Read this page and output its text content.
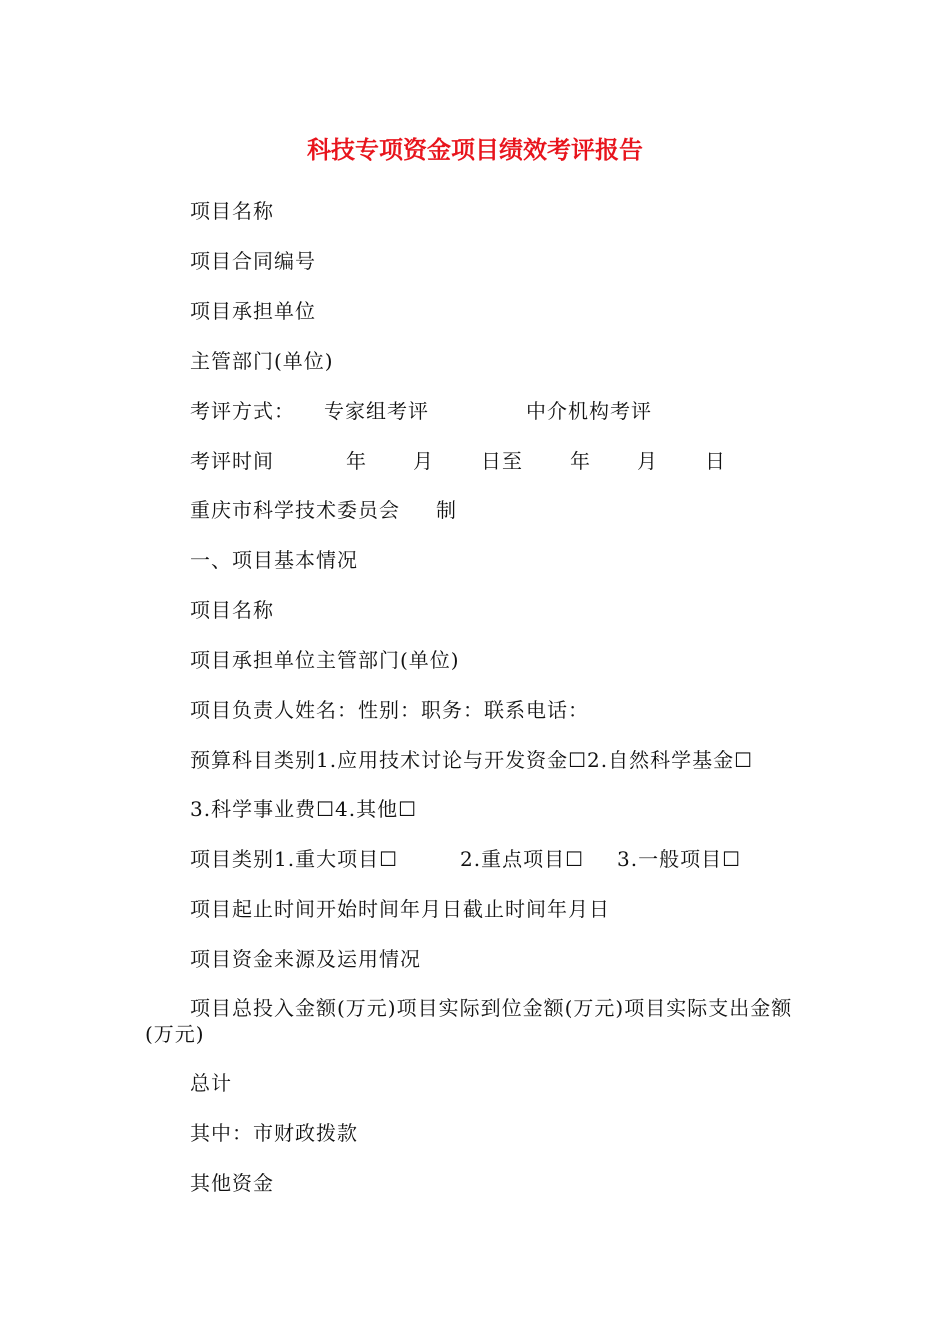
科技专项资金项目绩效考评报告
项目名称
项目合同编号
项目承担单位
主管部门(单位)
考评方式： 专家组考评	中介机构考评
考评时间	年 月 日至 年 月 日
重庆市科学技术委员会 制
一、项目基本情况
项目名称
项目承担单位主管部门(单位)
项目负责人姓名：性别：职务：联系电话：
预算科目类别1.应用技术讨论与开发资金☐2.自然科学基金☐
3.科学事业费☐4.其他☐
项目类别1.重大项目☐	2.重点项目☐ 3.一般项目☐
项目起止时间开始时间年月日截止时间年月日
项目资金来源及运用情况
项目总投入金额(万元)项目实际到位金额(万元)项目实际支出金额(万元)
总计
其中：市财政拨款
其他资金
